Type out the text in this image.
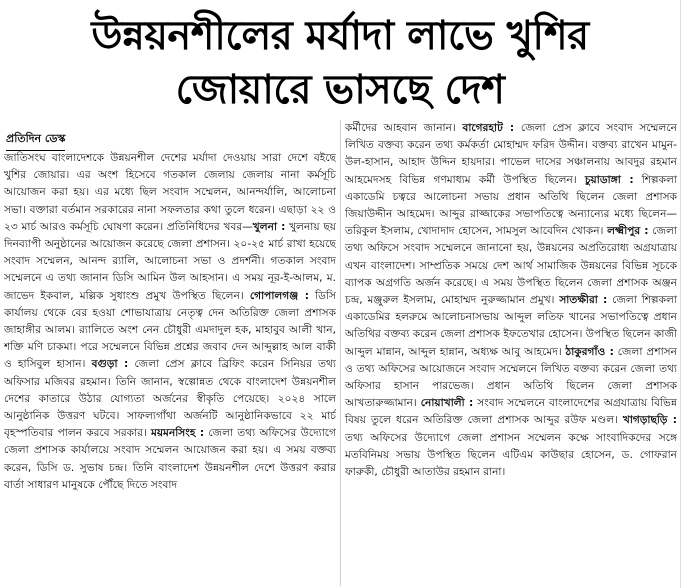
উন্নয়নশীলের মর্যাদা লাভে খুশির
জোয়ারে ভাসছে দেশ
প্রতিদিন ডেস্ক

জাতিসংঘ বাংলাদেশকে উন্নয়নশীল দেশের মর্যাদা দেওয়ায় সারা দেশে বইছে খুশির জোয়ার। এর অংশ হিসেবে গতকাল জেলায় জেলায় নানা কর্মসূচি আয়োজন করা হয়। এর মধ্যে ছিল সংবাদ সম্মেলন, আনন্দর্যালি, আলোচনা সভা। বক্তারা বর্তমান সরকারের নানা সফলতার কথা তুলে ধরেন। এছাড়া ২২ ও ২৩ মার্চ আরও কর্মসূচি ঘোষণা করেন। প্রতিনিধিদের খবর—খুলনা : খুলনায় ছয় দিনব্যাপী অনুষ্ঠানের আয়োজন করেছে জেলা প্রশাসন। ২০-২৫ মার্চ রাখা হয়েছে সংবাদ সম্মেলন, আনন্দ র‌্যালি, আলোচনা সভা ও প্রদর্শনী। গতকাল সংবাদ সম্মেলনে এ তথ্য জানান ডিসি আমিন উল আহসান। এ সময় নূর-ই-আলম, ম. জাভেদ ইকবাল, মল্লিক সুধাংশু প্রমুখ উপস্থিত ছিলেন। গোপালগঞ্জ : ডিসি কার্যালয় থেকে বের হওয়া শোভাযাত্রায় নেতৃত্ব দেন অতিরিক্ত জেলা প্রশাসক জাহাঙ্গীর আলম। র‌্যালিতে অংশ নেন চৌধুরী এমদাদুল হক, মাহাবুব আলী খান, শক্তি মণি চাকমা। পরে সম্মেলনে বিভিন্ন প্রশ্নের জবাব দেন আব্দুল্লাহ আল বাকী ও হাসিবুল হাসান। বগুড়া : জেলা প্রেস ক্লাবে ব্রিফিং করেন সিনিয়র তথ্য অফিসার মজিবর রহমান। তিনি জানান, স্বল্পোন্নত থেকে বাংলাদেশ উন্নয়নশীল দেশের কাতারে উঠার যোগ্যতা অর্জনের স্বীকৃতি পেয়েছে। ২০২৪ সালে আনুষ্ঠানিক উত্তরণ ঘটবে। সাফল্যগাঁথা অর্জনটি আনুষ্ঠানিকভাবে ২২ মার্চ বৃহস্পতিবার পালন করবে সরকার। ময়মনসিংহ : জেলা তথ্য অফিসের উদ্যোগে জেলা প্রশাসক কার্যালয়ে সংবাদ সম্মেলন আয়োজন করা হয়। এ সময় বক্তব্য করেন, ডিসি ড. সুভাষ চন্দ্র। তিনি বাংলাদেশ উন্নয়নশীল দেশে উত্তরণ করার বার্তা সাধারণ মানুষকে পৌঁছে দিতে সংবাদ

কর্মীদের আহবান জানান। বাগেরহাট : জেলা প্রেস ক্লাবে সংবাদ সম্মেলনে লিখিত বক্তব্য করেন তথ্য কর্মকর্তা মোহাম্মদ ফরিদ উদ্দীন। বক্তব্য রাখেন মামুন-উল-হাসান, আহাদ উদ্দিন হায়দার। পাভেল দাসের সঞ্চালনায় আবদুর রহমান আহমেদসহ বিভিন্ন গণমাধ্যম কর্মী উপস্থিত ছিলেন। চুয়াডাঙ্গা : শিল্পকলা একাডেমি চত্বরে আলোচনা সভায় প্রধান অতিথি ছিলেন জেলা প্রশাসক জিয়াউদ্দীন আহমেদ। আব্দুর রাজ্জাকের সভাপতিত্বে অন্যান্যের মধ্যে ছিলেন—তরিকুল ইসলাম, খোদাদাদ হোসেন, সামসুল আবেদিন খোকন। লক্ষ্মীপুর : জেলা তথ্য অফিসে সংবাদ সম্মেলনে জানানো হয়, উন্নয়নের অপ্রতিরোধ্য অগ্রযাত্রায় এখন বাংলাদেশ। সাম্প্রতিক সময়ে দেশ আর্থ সামাজিক উন্নয়নের বিভিন্ন সূচকে ব্যাপক অগ্রগতি অর্জন করেছে। এ সময় উপস্থিত ছিলেন জেলা প্রশাসক অঞ্জন চন্দ্র, মঞ্জুরুল ইসলাম, মোহাম্মদ নুরুজ্জামান প্রমুখ। সাতক্ষীরা : জেলা শিল্পকলা একাডেমির হলরুমে আলোচনাসভায় আব্দুল লতিফ খানের সভাপতিত্বে প্রধান অতিথির বক্তব্য করেন জেলা প্রশাসক ইফতেখার হোসেন। উপস্থিত ছিলেন কাজী আব্দুল মান্নান, আব্দুল হান্নান, অধ্যক্ষ আবু আহমেদ। ঠাকুরগাঁও : জেলা প্রশাসন ও তথ্য অফিসের আয়োজনে সংবাদ সম্মেলনে লিখিত বক্তব্য করেন জেলা তথ্য অফিসার হাসান পারভেজ। প্রধান অতিথি ছিলেন জেলা প্রশাসক আখতারুজ্জামান। নোয়াখালী : সংবাদ সম্মেলনে বাংলাদেশের অগ্রযাত্রায় বিভিন্ন বিষয় তুলে ধরেন অতিরিক্ত জেলা প্রশাসক আব্দুর রউফ মণ্ডল। খাগড়াছড়ি : তথ্য অফিসের উদ্যোগে জেলা প্রশাসন সম্মেলন কক্ষে সাংবাদিকদের সঙ্গে মতবিনিময় সভায় উপস্থিত ছিলেন এটিএম কাউছার হোসেন, ড. গোফরান ফারুকী, চৌধুরী আতাউর রহমান রানা।
